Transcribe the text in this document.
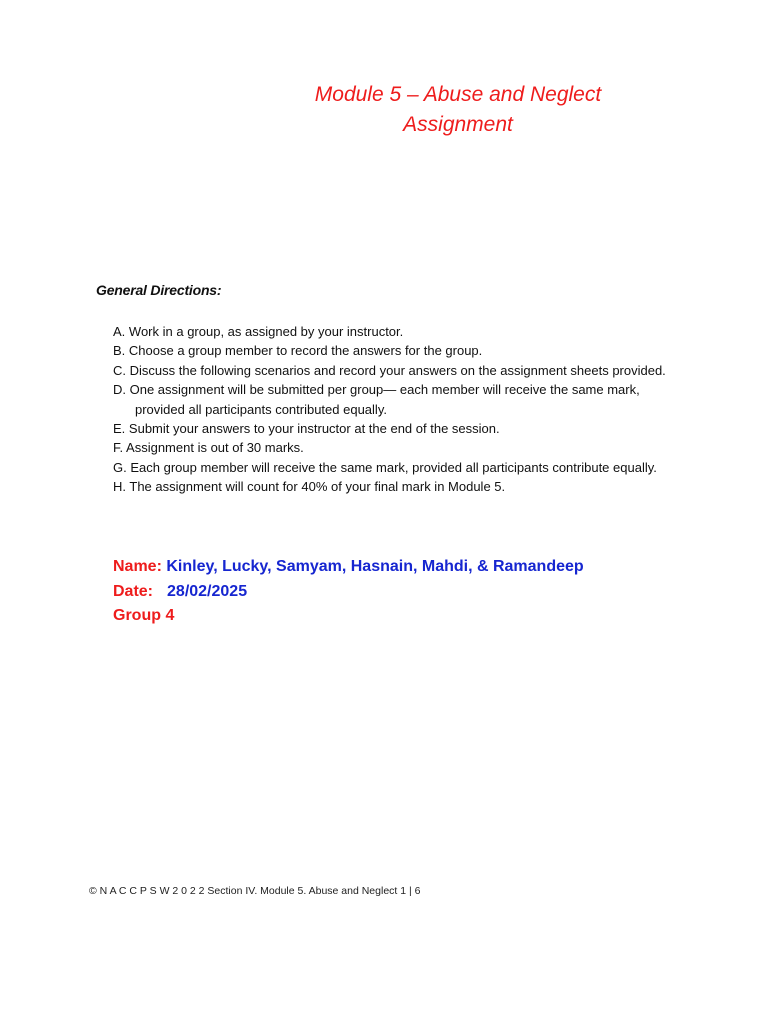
Module 5 – Abuse and Neglect
Assignment
General Directions:
A. Work in a group, as assigned by your instructor.
B. Choose a group member to record the answers for the group.
C. Discuss the following scenarios and record your answers on the assignment sheets provided.
D. One assignment will be submitted per group— each member will receive the same mark, provided all participants contributed equally.
E. Submit your answers to your instructor at the end of the session.
F. Assignment is out of 30 marks.
G. Each group member will receive the same mark, provided all participants contribute equally.
H. The assignment will count for 40% of your final mark in Module 5.
Name: Kinley, Lucky, Samyam, Hasnain, Mahdi, & Ramandeep
Date: 28/02/2025
Group 4
© N A C C P S W 2 0 2 2 Section IV. Module 5. Abuse and Neglect 1 | 6
